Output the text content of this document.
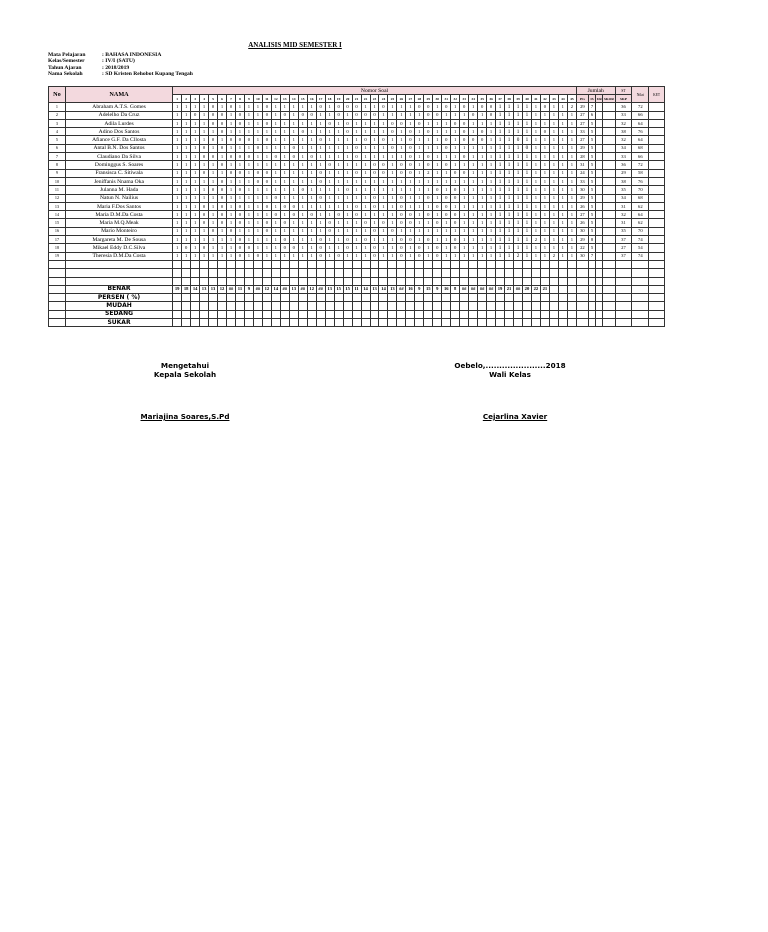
ANALISIS MID SEMESTER I
Mata Pelajaran	: BAHASA INDONESIA
Kelas/Semester	: IV/I (SATU)
Tahun Ajaran	: 2018/2019
Nama Sekolah	: SD Kristen Rehobot Kupang Tengah
No	NAMA	Nomor Soal																																													Jumlah				ST	Nilai	KET
		1	2	3	4	5	6	7	8	9	10	11	12	13	14	15	16	17	18	19	20	21	22	23	24	25	26	27	28	29	30	31	32	33	34	35	36	37	38	39	40	41	42	43	44	45	PG	IS	UR	SKOR	SKP		
1	Abraham A.T.S. Gomes	1	1	1	1	0	1	0	1	1	1	0	1	1	1	1	1	0	1	0	0	0	1	1	0	1	1	1	0	0	1	0	1	0	1	0	0	1	1	1	1	1	0	1	1	2	29	7			36	72	
2	Adelelho Da Cruz	1	1	0	1	0	0	1	0	1	1	0	1	0	1	0	0	1	1	0	1	0	0	0	1	1	1	1	1	0	0	1	1	1	0	1	0	1	1	1	1	1	1	1	1	1	27	6			33	66	
3	Adila Lurdes	1	1	1	1	0	0	1	0	1	1	0	1	1	1	1	1	1	0	1	0	1	1	1	1	0	0	1	0	1	1	1	0	0	1	1	1	1	1	1	1	1	1	1	1	1	27	5			32	64	
4	Adino Dos Santos	1	1	1	1	1	0	1	1	1	1	1	1	1	1	0	1	1	1	1	0	1	1	1	1	0	1	0	1	0	1	1	1	0	1	0	1	1	1	1	1	1	0	1	1	1	33	5			38	76	
5	Afiance G.F. Da Cllosta	1	1	1	1	0	1	0	0	0	1	0	1	1	1	1	1	0	1	1	1	1	0	1	0	1	1	0	1	1	1	0	1	0	0	0	1	1	1	0	1	1	1	1	1	1	27	5			32	64	
6	Antal B.N. Dos Santos	1	1	1	0	1	0	1	1	1	0	1	1	1	0	1	1	1	1	1	1	0	1	1	1	0	1	0	1	1	1	0	1	1	1	1	1	1	1	1	0	1	1	1	1	1	29	5			34	68	
7	Claudiano Da Silva	1	1	1	0	0	1	0	0	0	1	1	0	1	0	1	0	1	1	1	1	0	1	1	1	1	1	0	1	0	1	1	1	0	1	1	1	1	1	1	1	1	1	1	1	1	28	5			33	66	
8	Dominggus S. Soares	1	1	1	1	1	0	1	1	1	1	1	1	1	1	1	1	1	0	1	1	1	1	0	0	1	0	0	1	0	1	0	1	1	1	1	1	1	1	1	1	1	1	1	1	1	31	5			36	72	
9	Fransisca C. Sitiwala	1	1	1	0	1	1	0	0	1	0	0	1	1	1	1	1	0	1	1	1	0	1	0	0	1	0	0	1	2	1	1	0	0	1	1	1	1	1	1	1	1	1	1	1	1	24	5			29	58	
10	Jeniffanis Nnama Oka	1	1	1	1	1	0	1	1	1	0	0	1	1	1	1	1	0	1	1	1	1	1	1	1	1	1	1	1	1	1	1	1	1	1	1	1	1	1	1	1	1	1	1	1	1	33	5			38	76	
11	Julanna M. Hada	1	1	1	1	0	0	1	0	1	1	1	1	1	1	0	1	1	1	1	0	1	1	1	1	1	1	1	1	1	0	1	0	1	1	1	1	1	1	1	1	1	1	1	1	1	30	5			35	70	
12	Natun N. Nailius	1	1	1	1	1	0	1	1	1	1	1	0	1	1	1	1	0	1	1	1	1	1	0	1	1	0	1	1	0	1	0	0	1	1	1	1	1	1	1	1	1	1	1	1	1	29	5			34	68	
13	Maria F.Dos Santos	1	1	1	0	1	0	1	0	1	1	0	1	0	0	1	1	1	1	1	1	0	1	0	1	1	0	1	1	1	0	0	1	1	1	1	1	1	1	1	1	1	1	1	1	1	26	5			31	62	
14	Maria D.M.Da Costa	1	1	1	0	1	0	1	0	1	1	1	0	1	0	1	0	1	1	0	1	0	1	1	1	1	0	0	1	0	1	0	0	1	1	1	1	1	1	1	1	1	1	1	1	1	27	5			32	64	
15	Maria M.Q.Meak	1	1	1	0	1	0	1	0	1	1	0	1	0	1	1	1	1	0	1	1	1	0	1	0	1	0	0	1	1	0	1	0	1	1	1	1	1	1	1	1	1	1	1	1	1	26	5			31	62	
16	Mario Monteiro	1	1	1	1	0	1	0	1	1	1	0	1	1	1	1	1	1	0	1	1	1	1	0	1	0	1	1	1	1	1	1	1	1	1	1	1	1	1	1	1	1	1	1	1	1	30	5			35	70	
17	Margareta M. De Sousa	1	1	1	1	1	1	1	0	1	1	1	1	0	1	1	1	0	1	1	0	1	0	1	1	1	0	0	1	0	1	1	0	1	1	1	1	1	1	1	1	2	1	1	1	1	29	8			37	74	
18	Mikael Eddy D.C.Silva	1	0	1	0	1	1	1	0	0	1	1	1	0	0	1	1	0	1	1	0	1	1	0	1	1	0	1	0	1	0	1	0	1	1	1	1	1	1	1	1	1	1	1	1	1	22	5			27	54	
19	Theresia D.M.Da Costa	1	1	1	1	1	1	1	0	1	0	1	1	1	1	1	1	0	1	0	1	1	1	0	1	1	0	1	0	1	0	1	1	1	1	1	1	1	1	2	1	1	1	2	1	1	30	7			37	74	

	BENAR	19	18	14	13	13	12	##	11	9	##	12	14	##	13	##	12	##	13	15	15	11	14	13	14	13	##	16	9	15	9	16	8	##	##	##	##	19	21	##	20	22	21										
	PERSEN ( %)																																																				
	MUDAH																																																				
	SEDANG																																																				
	SUKAR																																																				
Mengetahui
Kepala Sekolah
Mariajina Soares,S.Pd
Oebelo,......................2018
Wali Kelas
Cejarlina Xavier
